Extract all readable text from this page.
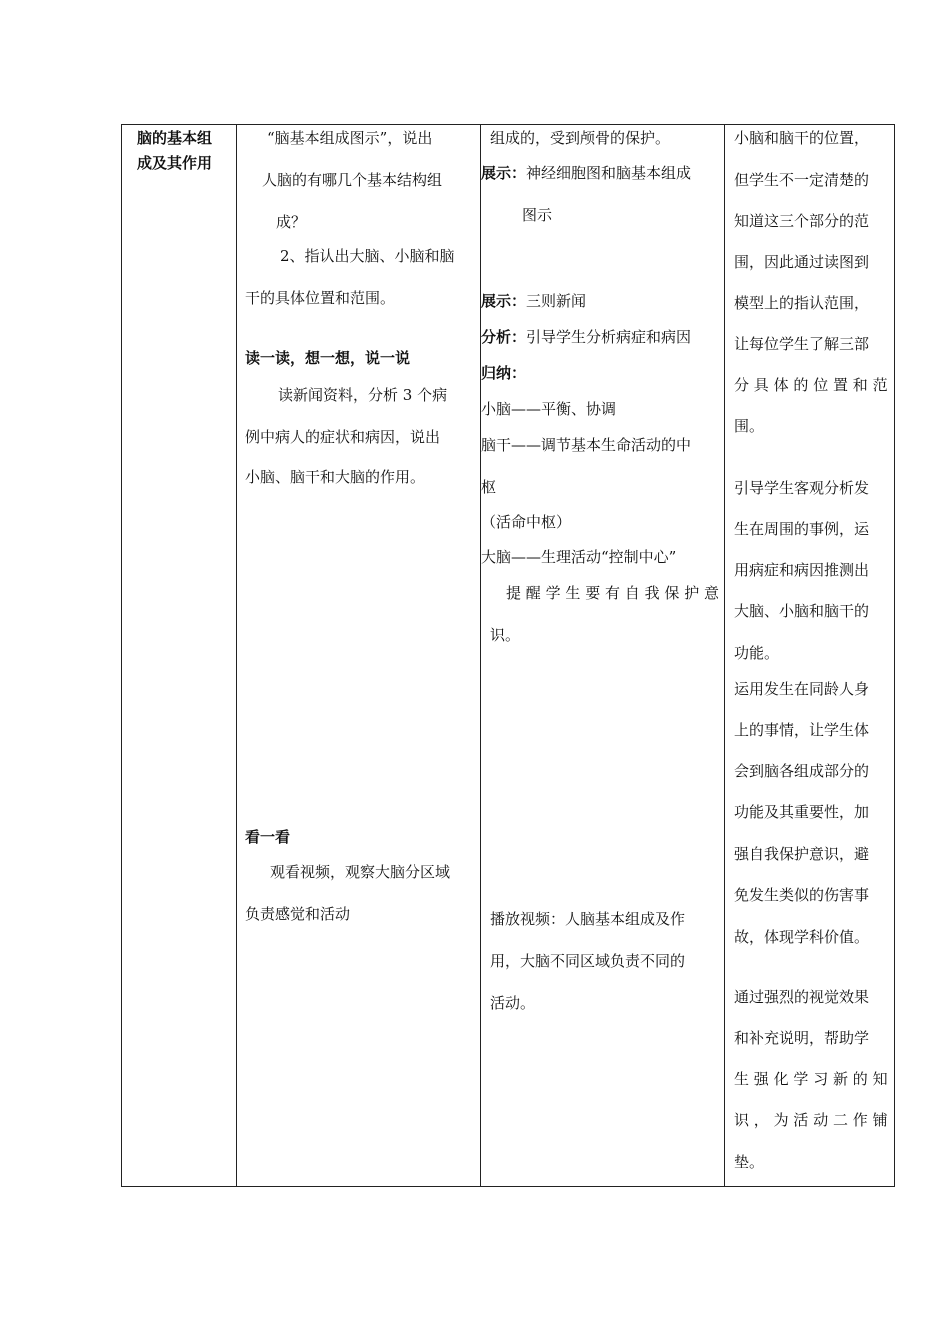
脑的基本组
成及其作用
“脑基本组成图示”，说出
人脑的有哪几个基本结构组
成？
2、指认出大脑、小脑和脑
干的具体位置和范围。
读一读，想一想，说一说
读新闻资料，分析 3 个病
例中病人的症状和病因，说出
小脑、脑干和大脑的作用。
看一看
观看视频，观察大脑分区域
负责感觉和活动
组成的，受到颅骨的保护。
展示：神经细胞图和脑基本组成
图示
展示：三则新闻
分析：引导学生分析病症和病因
归纳：
小脑——平衡、协调
脑干——调节基本生命活动的中
枢
（活命中枢）
大脑——生理活动“控制中心”
提醒学生要有自我保护意
识。
播放视频：人脑基本组成及作
用，大脑不同区域负责不同的
活动。
小脑和脑干的位置，
但学生不一定清楚的
知道这三个部分的范
围，因此通过读图到
模型上的指认范围，
让每位学生了解三部
分具体的位置和范
围。
引导学生客观分析发
生在周围的事例，运
用病症和病因推测出
大脑、小脑和脑干的
功能。
运用发生在同龄人身
上的事情，让学生体
会到脑各组成部分的
功能及其重要性，加
强自我保护意识，避
免发生类似的伤害事
故，体现学科价值。
通过强烈的视觉效果
和补充说明，帮助学
生强化学习新的知
识，为活动二作铺
垫。
